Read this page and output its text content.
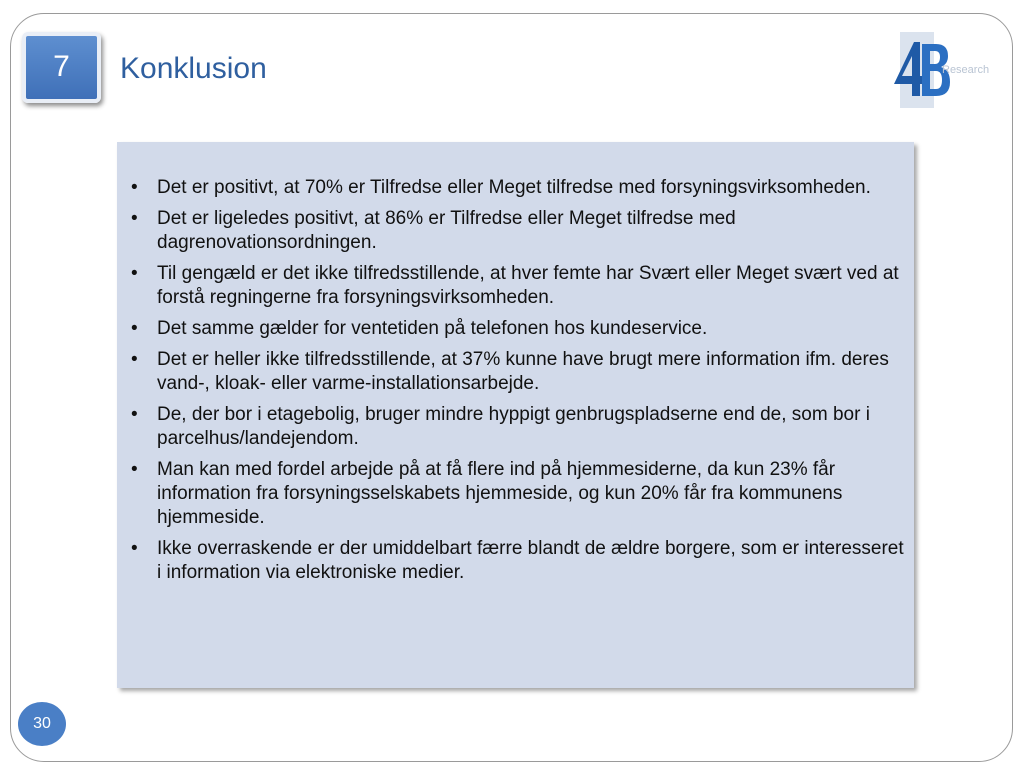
7	Konklusion	Research
• Det er positivt, at 70% er Tilfredse eller Meget tilfredse med forsyningsvirksomheden.
• Det er ligeledes positivt, at 86% er Tilfredse eller Meget tilfredse med dagrenovationsordningen.
• Til gengæld er det ikke tilfredsstillende, at hver femte har Svært eller Meget svært ved at forstå regningerne fra forsyningsvirksomheden.
• Det samme gælder for ventetiden på telefonen hos kundeservice.
• Det er heller ikke tilfredsstillende, at 37% kunne have brugt mere information ifm. deres vand-, kloak- eller varme-installationsarbejde.
• De, der bor i etagebolig, bruger mindre hyppigt genbrugspladserne end de, som bor i parcelhus/landejendom.
• Man kan med fordel arbejde på at få flere ind på hjemmesiderne, da kun 23% får information fra forsyningsselskabets hjemmeside, og kun 20% får fra kommunens hjemmeside.
• Ikke overraskende er der umiddelbart færre blandt de ældre borgere, som er interesseret i information via elektroniske medier.
30
